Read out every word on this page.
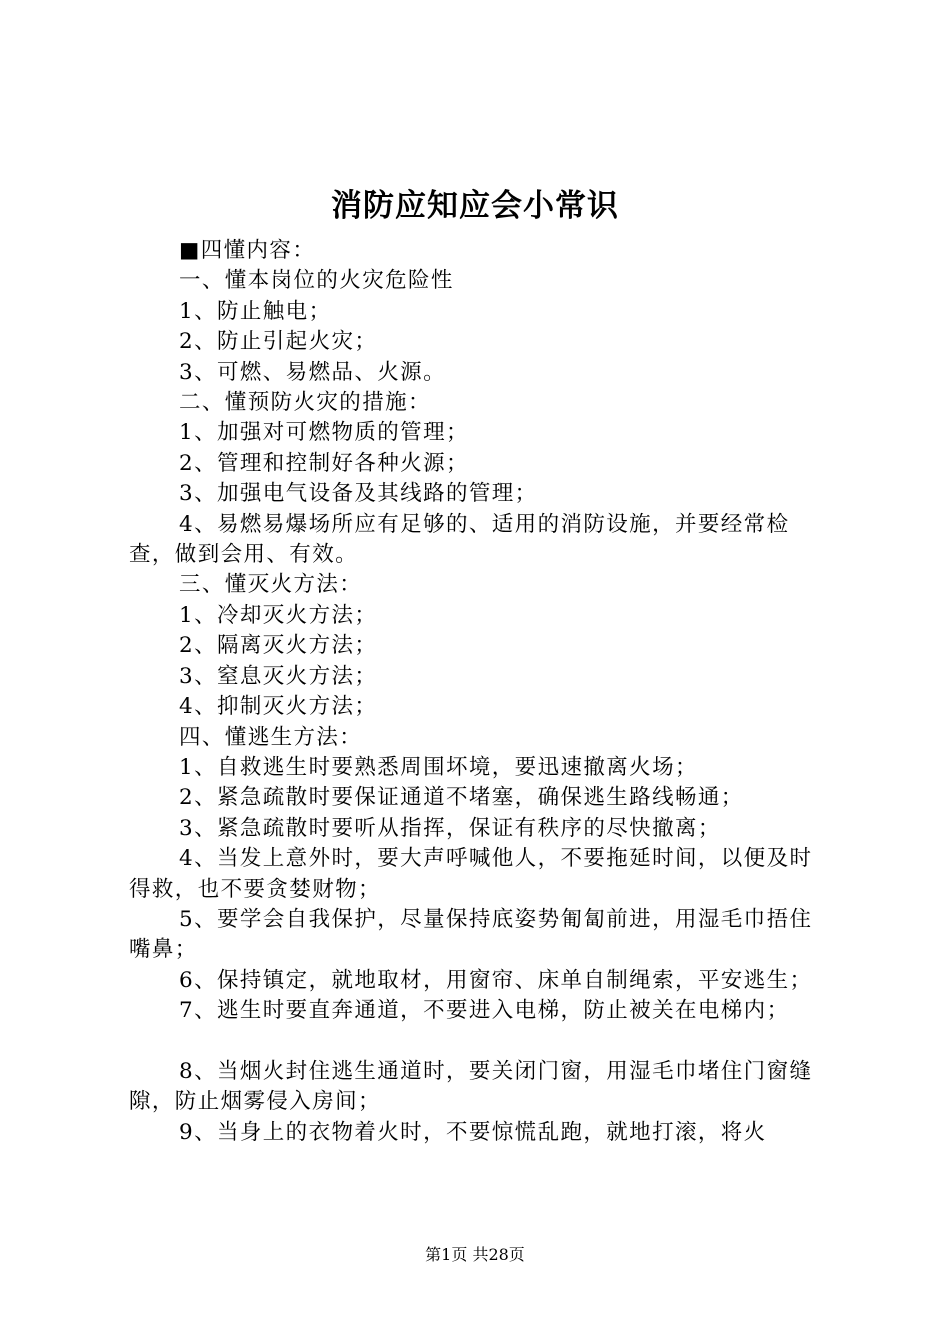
消防应知应会小常识

■四懂内容：

一、懂本岗位的火灾危险性

1、防止触电；

2、防止引起火灾；

3、可燃、易燃品、火源。

二、懂预防火灾的措施：

1、加强对可燃物质的管理；

2、管理和控制好各种火源；

3、加强电气设备及其线路的管理；

4、易燃易爆场所应有足够的、适用的消防设施，并要经常检查，做到会用、有效。

三、懂灭火方法：

1、冷却灭火方法；

2、隔离灭火方法；

3、窒息灭火方法；

4、抑制灭火方法；

四、懂逃生方法：

1、自救逃生时要熟悉周围坏境，要迅速撤离火场；

2、紧急疏散时要保证通道不堵塞，确保逃生路线畅通；

3、紧急疏散时要听从指挥，保证有秩序的尽快撤离；

4、当发上意外时，要大声呼喊他人，不要拖延时间，以便及时得救，也不要贪婪财物；

5、要学会自我保护，尽量保持底姿势匍匐前进，用湿毛巾捂住嘴鼻；

6、保持镇定，就地取材，用窗帘、床单自制绳索，平安逃生；

7、逃生时要直奔通道，不要进入电梯，防止被关在电梯内；

8、当烟火封住逃生通道时，要关闭门窗，用湿毛巾堵住门窗缝隙，防止烟雾侵入房间；

9、当身上的衣物着火时，不要惊慌乱跑，就地打滚，将火

第1页 共28页
